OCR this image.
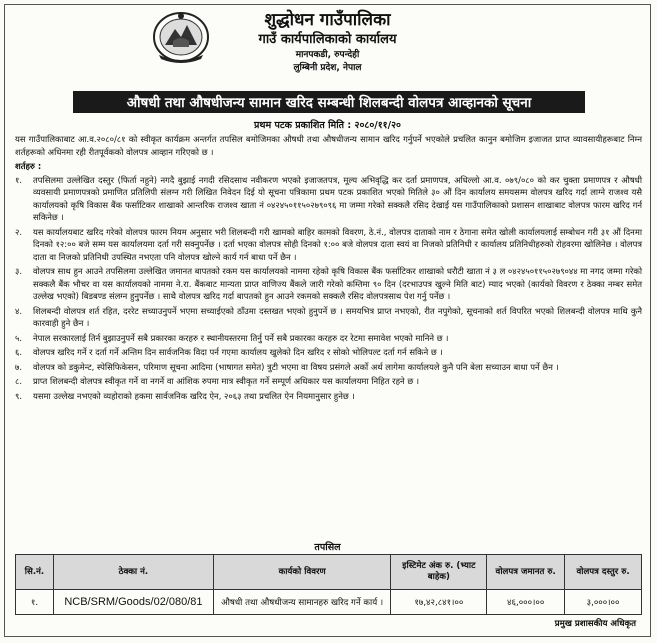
शुद्धोधन गाउँपालिका
गाउँ कार्यपालिकाको कार्यालय
मानपकडी, रुपन्देही
लुम्बिनी प्रदेश, नेपाल
औषधी तथा औषधीजन्य सामान खरिद सम्बन्धी शिलबन्दी वोलपत्र आव्हानको सूचना
प्रथम पटक प्रकाशित मिति : २०८०/११/२०

यस गाउँपालिकाबाट आ.व.२०८०/८१ को स्वीकृत कार्यक्रम अन्तर्गत तपसिल बमोजिमका औषधी तथा औषधीजन्य सामान खरिद गर्नुपर्ने भएकोले प्रचलित कानुन बमोजिम इजाजत प्राप्त व्यावसायीहरूबाट निम्न शर्तहरूको अधिनमा रही रीतपूर्वकको वोलपत्र आव्हान गरिएको छ ।

शर्तहरु :
१.	तपसिलमा उल्लेखित दस्तुर (फिर्ता नहुने) नगदै बुझाई नगदी रसिदसाथ नवीकरण भएको इजाजतपत्र, मूल्य अभिवृद्धि कर दर्ता प्रमाणपत्र, अधिल्लो आ.व. ०७९/०८० को कर चुक्ता प्रमाणपत्र र औषधी व्यवसायी प्रमाणपत्रको प्रमाणित प्रतिलिपी संलग्न गरी लिखित निवेदन दिई यो सूचना पत्रिकामा प्रथम पटक प्रकाशित भएको मितिले ३० औं दिन कार्यालय समयसम्म वोलपत्र खरिद गर्दा लाग्ने राजश्व यसै कार्यालयको कृषि विकास बैंक फर्साटिकर शाखाको आन्तरिक राजश्व खाता नं ०४२४५०११५०२७९०९६ मा जम्मा गरेको सक्कलै रसिद देखाई यस गाउँपालिकाको प्रशासन शाखाबाट वोलपत्र फारम खरिद गर्न सकिनेछ ।
२.	यस कार्यालयबाट खरिद गरेको वोलपत्र फारम नियम अनुसार भरी शिलबन्दी गरी खामको बाहिर कामको विवरण, ठे.नं., वोलपत्र दाताको नाम र ठेगाना समेत खोली कार्यालयलाई सम्बोधन गरी ३१ औं दिनमा दिनको १२:०० बजे सम्म यस कार्यालयमा दर्ता गरी सक्नुपर्नेछ । दर्ता भएका वोलपत्र सोही दिनको १:०० बजे वोलपत्र दाता स्वयं वा निजको प्रतिनिधी र कार्यालय प्रतिनिधीहरुको रोहवरमा खोलिनेछ । वोलपत्र दाता वा निजको प्रतिनिधी उपस्थित नभएता पनि वोलपत्र खोल्ने कार्य गर्न बाधा पर्ने छैन ।
३.	वोलपत्र साथ हुन आउने तपसिलमा उल्लेखित जमानत बापतको रकम यस कार्यालयको नाममा रहेको कृषि विकास बैंक फर्साटिकर शाखाको धरौटी खाता नं ३ ल ०४२४५०११५०२७९०४४ मा नगद जम्मा गरेको सक्कलै बैंक भौचर वा यस कार्यालयको नाममा ने.रा. बैंकबाट मान्यता प्राप्त वाणिज्य बैंकले जारी गरेको कम्तिमा ९० दिन (दरभाउपत्र खुल्ने मिति बाट) म्याद भएको (कार्यको विवरण र ठेक्का नम्बर समेत उल्लेख भएको) बिडबण्ड संलग्न हुनुपर्नेछ । साथै वोलपत्र खरिद गर्दा बापतको हुन आउने रकमको सक्कलै रसिद वोलपत्रसाथ पेश गर्नु पर्नेछ ।
४.	शिलबन्दी वोलपत्र शर्त रहित, दररेट सच्याउनुपर्ने भएमा सच्याईएको ठाँउमा दस्तखत भएको हुनुपर्ने छ । समयभित्र प्राप्त नभएको, रीत नपुगेको, सूचनाको शर्त विपरित भएको शिलबन्दी वोलपत्र माथि कुनै कारवाही हुने छैन ।
५.	नेपाल सरकारलाई तिर्न बुझाउनुपर्ने सबै प्रकारका करहरु र स्थानीयस्तरमा तिर्नु पर्ने सबै प्रकारका करहरु दर रेटमा समावेश भएको मानिने छ ।
६.	वोलपत्र खरिद गर्ने र दर्ता गर्ने अन्तिम दिन सार्वजनिक विदा पर्न गएमा कार्यालय खुलेको दिन खरिद र सोको भोलिपल्ट दर्ता गर्न सकिने छ ।
७.	वोलपत्र को डकुमेन्ट, स्पेसिफिकेसन, परिमाण सूचना आदिमा (भाषागत समेत) त्रुटी भएमा वा विषय प्रसंगले अर्को अर्थ लागेमा कार्यालयले कुनै पनि बेला सच्याउन बाधा पर्ने छैन ।
८.	प्राप्त शिलबन्दी वोलपत्र स्वीकृत गर्ने वा नगर्ने वा आंशिक रुपमा मात्र स्वीकृत गर्ने सम्पूर्ण अधिकार यस कार्यालयमा निहित रहने छ ।
९.	यसमा उल्लेख नभएको व्यहोराको हकमा सार्वजनिक खरिद ऐन, २०६३ तथा प्रचलित ऐन नियमानुसार हुनेछ ।
तपसिल
सि.नं.	ठेक्का नं.	कार्यको विवरण	इस्टिमेट अंक रु. (भ्याट बाहेक)	वोलपत्र जमानत रु.	वोलपत्र दस्तुर रु.
१.	NCB/SRM/Goods/02/080/81	औषधी तथा औषधीजन्य सामानहरु खरिद गर्ने कार्य ।	१७,४२,८४१।००	४६,०००।००	३,०००।००
प्रमुख प्रशासकीय अधिकृत
